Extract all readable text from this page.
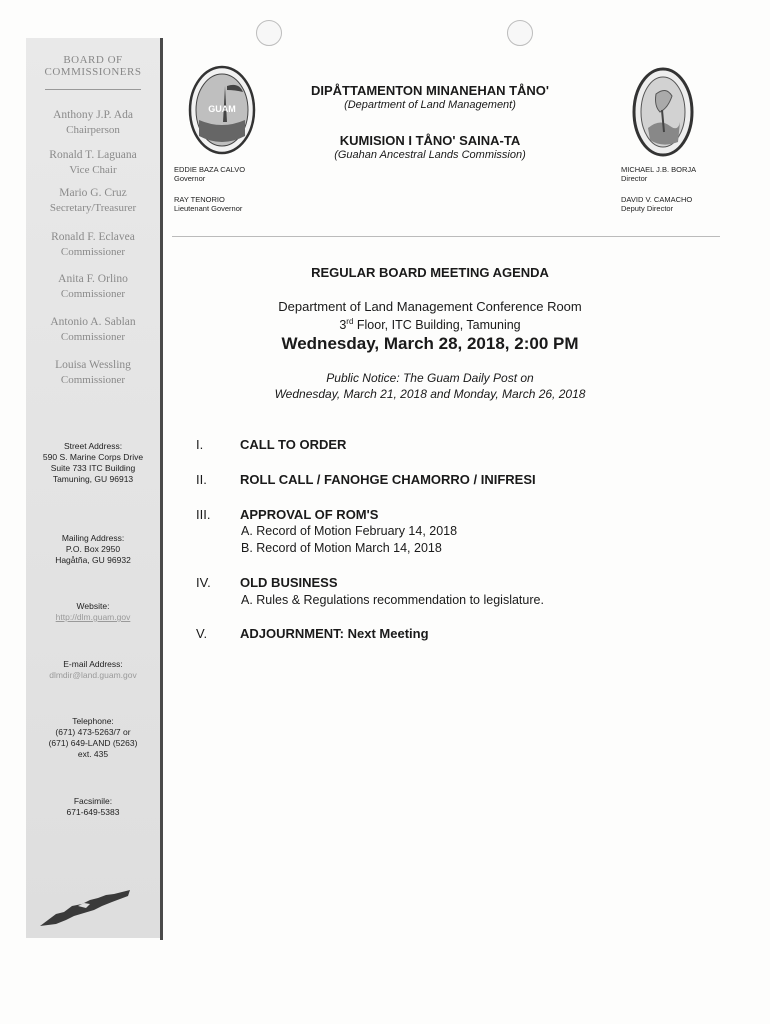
BOARD OF
COMMISSIONERS
Anthony J.P. Ada
Chairperson
Ronald T. Laguana
Vice Chair
Mario G. Cruz
Secretary/Treasurer
Ronald F. Eclavea
Commissioner
Anita F. Orlino
Commissioner
Antonio A. Sablan
Commissioner
Louisa Wessling
Commissioner
Street Address:
590 S. Marine Corps Drive
Suite 733 ITC Building
Tamuning, GU 96913
Mailing Address:
P.O. Box 2950
Hagåtña, GU 96932
Website:
http://dlm.guam.gov
E-mail Address:
dlmdir@land.guam.gov
Telephone:
(671) 473-5263/7 or
(671) 649-LAND (5263)
ext. 435
Facsimile:
671-649-5383
GUAM
DIPÅTTAMENTON MINANEHAN TÅNO'
(Department of Land Management)
KUMISION I TÅNO' SAINA-TA
(Guahan Ancestral Lands Commission)
EDDIE BAZA CALVO
Governor
RAY TENORIO
Lieutenant Governor
MICHAEL J.B. BORJA
Director
DAVID V. CAMACHO
Deputy Director
REGULAR BOARD MEETING AGENDA
Department of Land Management Conference Room
3rd Floor, ITC Building, Tamuning
Wednesday, March 28, 2018, 2:00 PM
Public Notice: The Guam Daily Post on
Wednesday, March 21, 2018 and Monday, March 26, 2018
I.	CALL TO ORDER
II.	ROLL CALL / FANOHGE CHAMORRO / INIFRESI
III. APPROVAL OF ROM'S
A. Record of Motion February 14, 2018
B. Record of Motion March 14, 2018
IV. OLD BUSINESS
A. Rules & Regulations recommendation to legislature.
V.	ADJOURNMENT: Next Meeting
